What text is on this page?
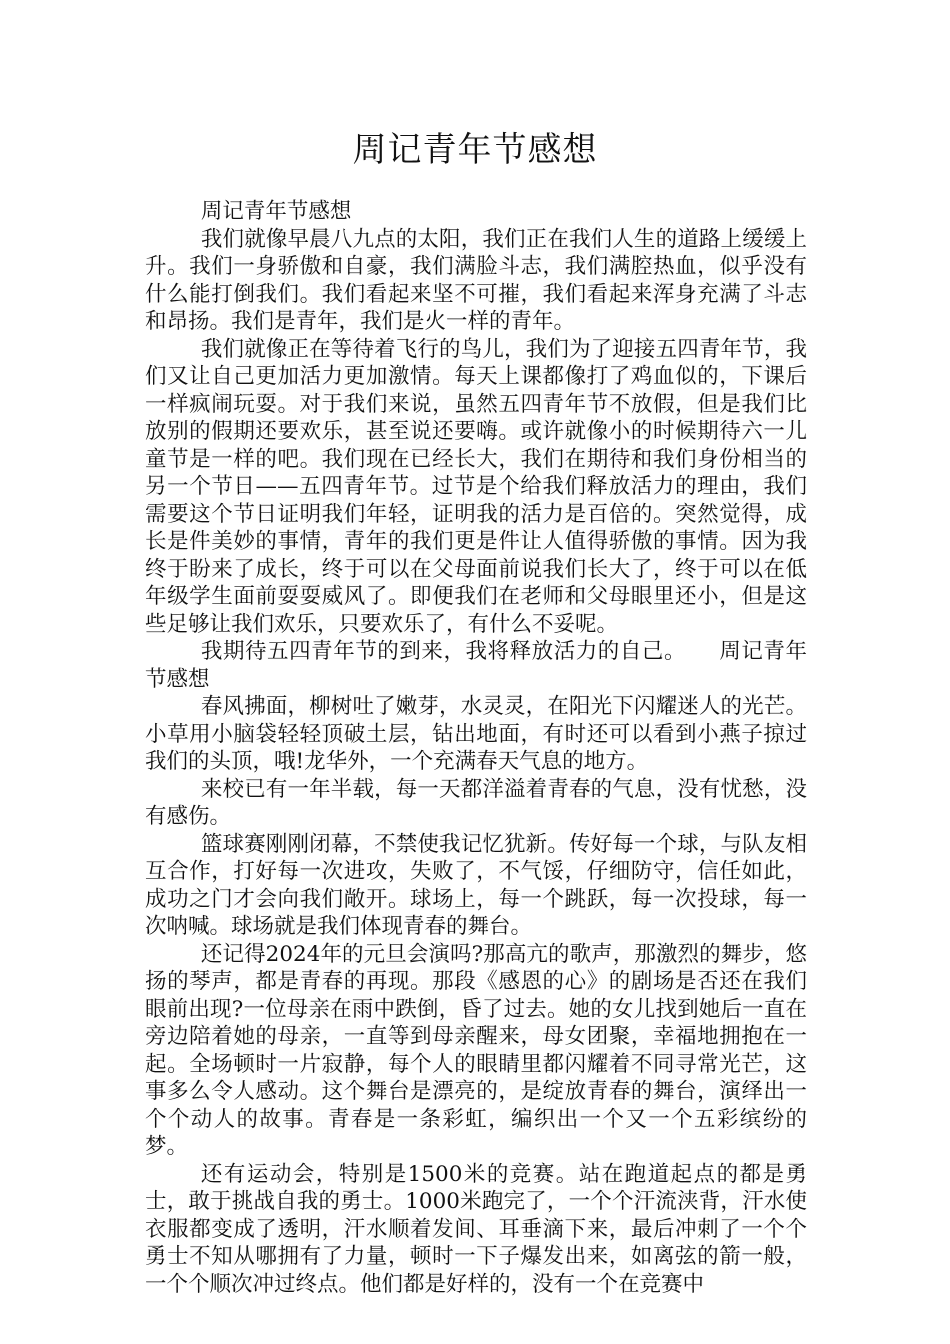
周记青年节感想

周记青年节感想

我们就像早晨八九点的太阳，我们正在我们人生的道路上缓缓上升。我们一身骄傲和自豪，我们满脸斗志，我们满腔热血，似乎没有什么能打倒我们。我们看起来坚不可摧，我们看起来浑身充满了斗志和昂扬。我们是青年，我们是火一样的青年。

我们就像正在等待着飞行的鸟儿，我们为了迎接五四青年节，我们又让自己更加活力更加激情。每天上课都像打了鸡血似的，下课后一样疯闹玩耍。对于我们来说，虽然五四青年节不放假，但是我们比放别的假期还要欢乐，甚至说还要嗨。或许就像小的时候期待六一儿童节是一样的吧。我们现在已经长大，我们在期待和我们身份相当的另一个节日——五四青年节。过节是个给我们释放活力的理由，我们需要这个节日证明我们年轻，证明我的活力是百倍的。突然觉得，成长是件美妙的事情，青年的我们更是件让人值得骄傲的事情。因为我终于盼来了成长，终于可以在父母面前说我们长大了，终于可以在低年级学生面前耍耍威风了。即便我们在老师和父母眼里还小，但是这些足够让我们欢乐，只要欢乐了，有什么不妥呢。

我期待五四青年节的到来，我将释放活力的自己。　　周记青年节感想

春风拂面，柳树吐了嫩芽，水灵灵，在阳光下闪耀迷人的光芒。小草用小脑袋轻轻顶破土层，钻出地面，有时还可以看到小燕子掠过我们的头顶，哦!龙华外，一个充满春天气息的地方。

来校已有一年半载，每一天都洋溢着青春的气息，没有忧愁，没有感伤。

篮球赛刚刚闭幕，不禁使我记忆犹新。传好每一个球，与队友相互合作，打好每一次进攻，失败了，不气馁，仔细防守，信任如此，成功之门才会向我们敞开。球场上，每一个跳跃，每一次投球，每一次呐喊。球场就是我们体现青春的舞台。

还记得2024年的元旦会演吗?那高亢的歌声，那激烈的舞步，悠扬的琴声，都是青春的再现。那段《感恩的心》的剧场是否还在我们眼前出现?一位母亲在雨中跌倒，昏了过去。她的女儿找到她后一直在旁边陪着她的母亲，一直等到母亲醒来，母女团聚，幸福地拥抱在一起。全场顿时一片寂静，每个人的眼睛里都闪耀着不同寻常光芒，这事多么令人感动。这个舞台是漂亮的，是绽放青春的舞台，演绎出一个个动人的故事。青春是一条彩虹，编织出一个又一个五彩缤纷的梦。

还有运动会，特别是1500米的竞赛。站在跑道起点的都是勇士，敢于挑战自我的勇士。1000米跑完了，一个个汗流浃背，汗水使衣服都变成了透明，汗水顺着发间、耳垂滴下来，最后冲刺了一个个勇士不知从哪拥有了力量，顿时一下子爆发出来，如离弦的箭一般，一个个顺次冲过终点。他们都是好样的，没有一个在竞赛中
